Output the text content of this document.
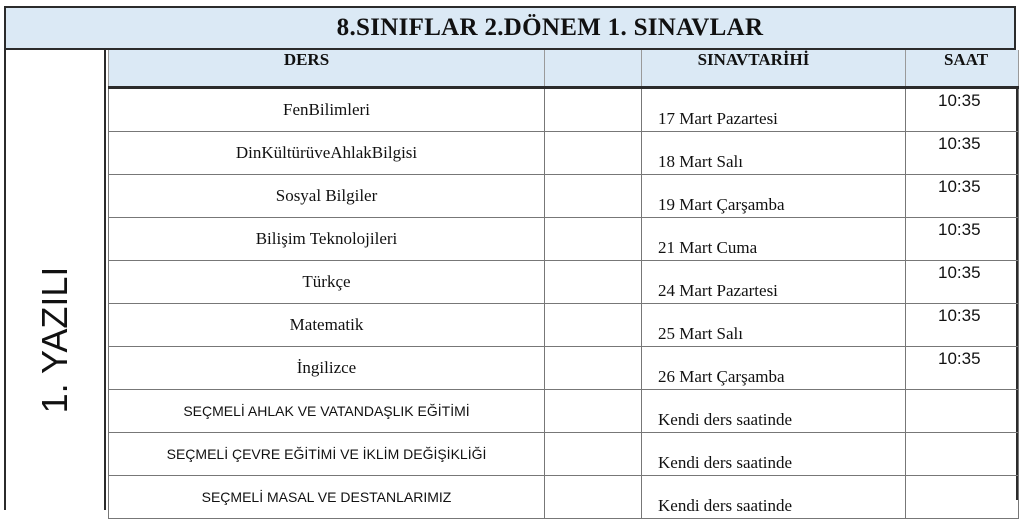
8.SINIFLAR 2.DÖNEM 1. SINAVLAR
1. YAZILI
DERS		SINAVTARİHİ	SAAT
FenBilimleri		17 Mart Pazartesi	10:35
DinKültürüveAhlakBilgisi		18 Mart Salı	10:35
Sosyal Bilgiler		19 Mart Çarşamba	10:35
Bilişim Teknolojileri		21 Mart Cuma	10:35
Türkçe		24 Mart Pazartesi	10:35
Matematik		25 Mart Salı	10:35
İngilizce		26 Mart Çarşamba	10:35
SEÇMELİ AHLAK VE VATANDAŞLIK EĞİTİMİ		Kendi ders saatinde	
SEÇMELİ ÇEVRE EĞİTİMİ VE İKLİM DEĞİŞİKLİĞİ		Kendi ders saatinde	
SEÇMELİ MASAL VE DESTANLARIMIZ		Kendi ders saatinde	
